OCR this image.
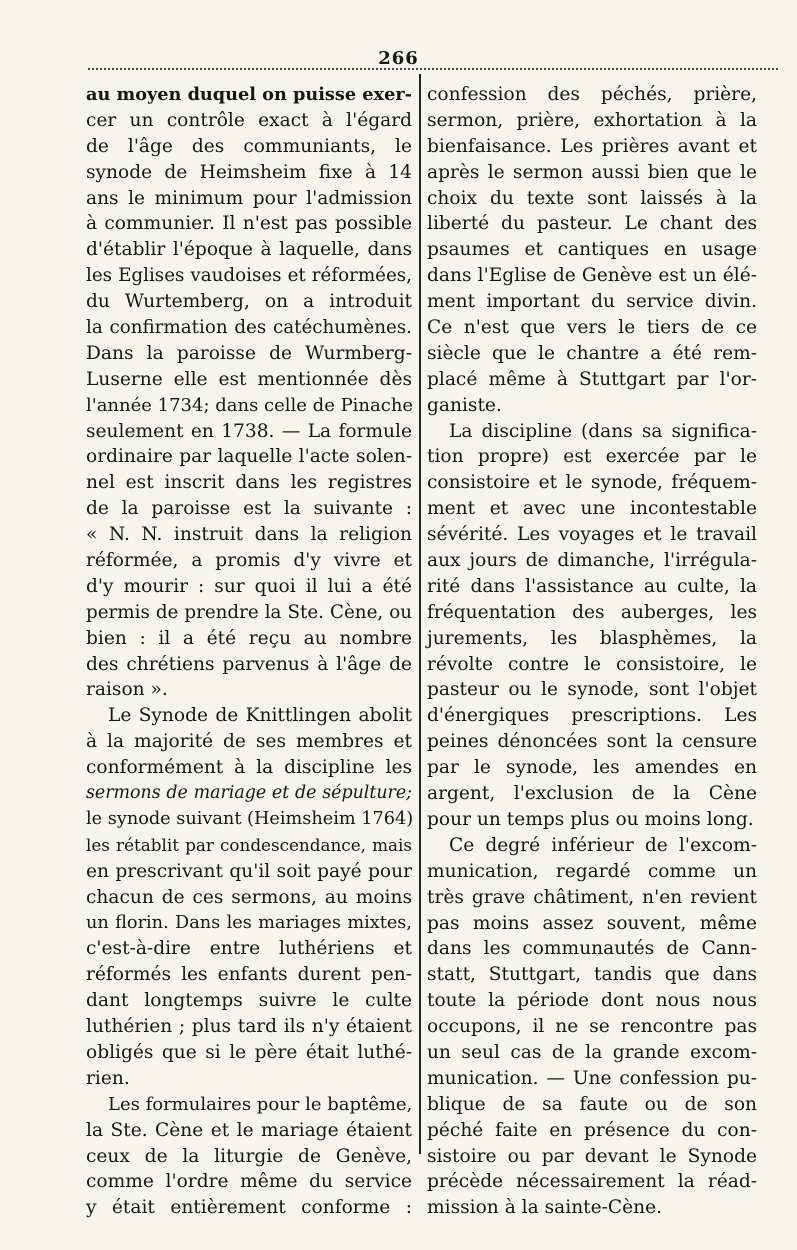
266
au moyen duquel on puisse exer-
cer un contrôle exact à l'égard
de l'âge des communiants, le
synode de Heimsheim fixe à 14
ans le minimum pour l'admission
à communier. Il n'est pas possible
d'établir l'époque à laquelle, dans
les Eglises vaudoises et réformées,
du Wurtemberg, on a introduit
la confirmation des catéchumènes.
Dans la paroisse de Wurmberg-
Luserne elle est mentionnée dès
l'année 1734; dans celle de Pinache
seulement en 1738. — La formule
ordinaire par laquelle l'acte solen-
nel est inscrit dans les registres
de la paroisse est la suivante :
« N. N. instruit dans la religion
réformée, a promis d'y vivre et
d'y mourir : sur quoi il lui a été
permis de prendre la Ste. Cène, ou
bien : il a été reçu au nombre
des chrétiens parvenus à l'âge de
raison ».
Le Synode de Knittlingen abolit
à la majorité de ses membres et
conformément à la discipline les
sermons de mariage et de sépulture;
le synode suivant (Heimsheim 1764)
les rétablit par condescendance, mais
en prescrivant qu'il soit payé pour
chacun de ces sermons, au moins
un florin. Dans les mariages mixtes,
c'est-à-dire entre luthériens et
réformés les enfants durent pen-
dant longtemps suivre le culte
luthérien ; plus tard ils n'y étaient
obligés que si le père était luthé-
rien.
Les formulaires pour le baptême,
la Ste. Cène et le mariage étaient
ceux de la liturgie de Genève,
comme l'ordre même du service
y était entièrement conforme :
confession des péchés, prière,
sermon, prière, exhortation à la
bienfaisance. Les prières avant et
après le sermon aussi bien que le
choix du texte sont laissés à la
liberté du pasteur. Le chant des
psaumes et cantiques en usage
dans l'Eglise de Genève est un élé-
ment important du service divin.
Ce n'est que vers le tiers de ce
siècle que le chantre a été rem-
placé même à Stuttgart par l'or-
ganiste.
La discipline (dans sa significa-
tion propre) est exercée par le
consistoire et le synode, fréquem-
ment et avec une incontestable
sévérité. Les voyages et le travail
aux jours de dimanche, l'irrégula-
rité dans l'assistance au culte, la
fréquentation des auberges, les
jurements, les blasphèmes, la
révolte contre le consistoire, le
pasteur ou le synode, sont l'objet
d'énergiques prescriptions. Les
peines dénoncées sont la censure
par le synode, les amendes en
argent, l'exclusion de la Cène
pour un temps plus ou moins long.
Ce degré inférieur de l'excom-
munication, regardé comme un
très grave châtiment, n'en revient
pas moins assez souvent, même
dans les communautés de Cann-
statt, Stuttgart, tandis que dans
toute la période dont nous nous
occupons, il ne se rencontre pas
un seul cas de la grande excom-
munication. — Une confession pu-
blique de sa faute ou de son
péché faite en présence du con-
sistoire ou par devant le Synode
précède nécessairement la réad-
mission à la sainte-Cène.
